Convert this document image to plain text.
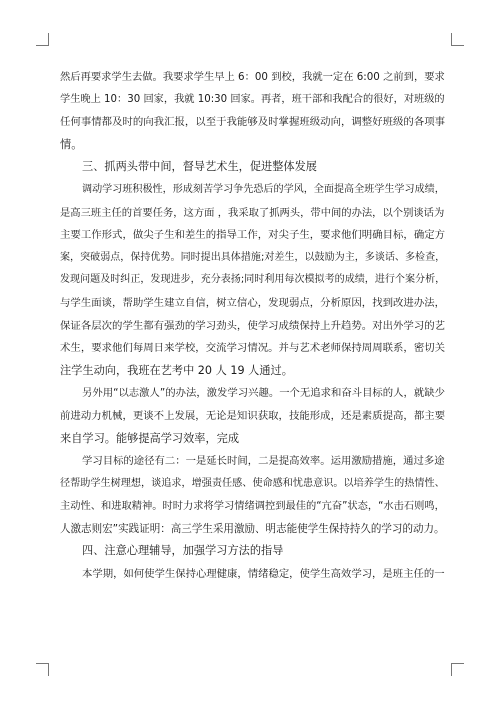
然后再要求学生去做。我要求学生早上 6：00 到校，我就一定在 6:00 之前到，要求
学生晚上 10：30 回家，我就 10:30 回家。再者，班干部和我配合的很好，对班级的
任何事情都及时的向我汇报，以至于我能够及时掌握班级动向，调整好班级的各项事
情。
三、抓两头带中间，督导艺术生，促进整体发展
调动学习班积极性，形成刻苦学习争先恐后的学风，全面提高全班学生学习成绩，
是高三班主任的首要任务，这方面 ，我采取了抓两头，带中间的办法，以个别谈话为
主要工作形式，做尖子生和差生的指导工作，对尖子生，要求他们明确目标，确定方
案，突破弱点，保持优势。同时提出具体措施;对差生，以鼓励为主，多谈话、多检查，
发现问题及时纠正，发现进步，充分表扬;同时利用每次模拟考的成绩，进行个案分析，
与学生面谈，帮助学生建立自信，树立信心，发现弱点，分析原因，找到改进办法，
保证各层次的学生都有强劲的学习劲头，使学习成绩保持上升趋势。对出外学习的艺
术生，要求他们每周日来学校，交流学习情况。并与艺术老师保持周周联系，密切关
注学生动向，我班在艺考中 20 人 19 人通过。
另外用“以志激人”的办法，激发学习兴趣。一个无追求和奋斗目标的人，就缺少
前进动力机械，更谈不上发展，无论是知识获取，技能形成，还是素质提高，都主要
来自学习。能够提高学习效率，完成
学习目标的途径有二：一是延长时间，二是提高效率。运用激励措施，通过多途
径帮助学生树理想，谈追求，增强责任感、使命感和忧患意识。以培养学生的热情性、
主动性、和进取精神。时时力求将学习情绪调控到最佳的“亢奋”状态，“水击石则鸣，
人激志则宏”实践证明：高三学生采用激励、明志能使学生保持持久的学习的动力。
四、注意心理辅导，加强学习方法的指导
本学期，如何使学生保持心理健康，情绪稳定，使学生高效学习，是班主任的一
